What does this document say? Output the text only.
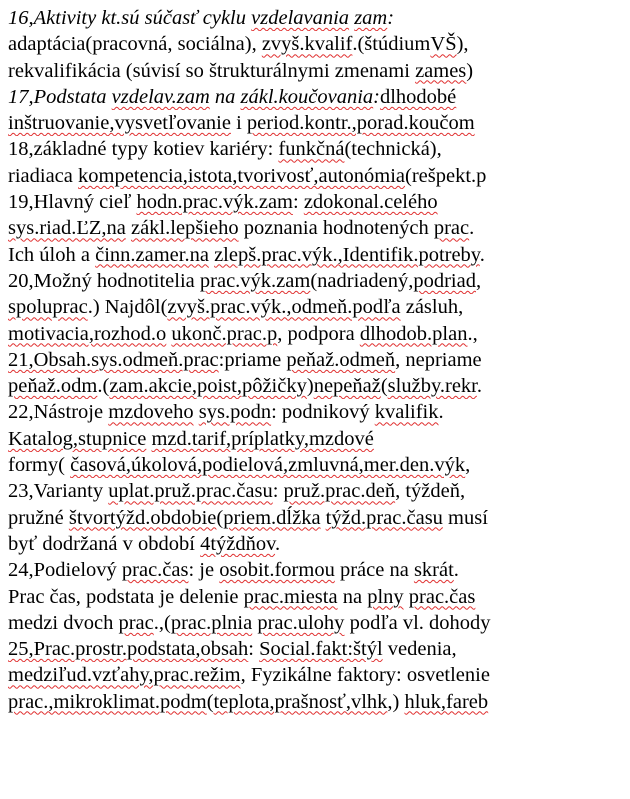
16,Aktivity kt.sú súčasť cyklu vzdelavania zam:
adaptácia(pracovná, sociálna), zvyš.kvalif.(štúdiumVŠ),
rekvalifikácia (súvisí so štrukturálnymi zmenami zames)
17,Podstata vzdelav.zam na zákl.koučovania:dlhodobé
inštruovanie,vysvetľovanie i period.kontr.,porad.koučom
18,základné typy kotiev kariéry: funkčná(technická),
riadiaca kompetencia,istota,tvorivosť,autonómia(rešpekt.p
19,Hlavný cieľ hodn.prac.výk.zam: zdokonal.celého
sys.riad.ĽZ,na zákl.lepšieho poznania hodnotených prac.
Ich úloh a činn.zamer.na zlepš.prac.výk.,Identifik.potreby.
20,Možný hodnotitelia prac.výk.zam(nadriadený,podriad,
spoluprac.) Najdôl(zvyš.prac.výk.,odmeň.podľa zásluh,
motivacia,rozhod.o ukonč.prac.p, podpora dlhodob.plan.,
21,Obsah.sys.odmeň.prac:priame peňaž.odmeň, nepriame
peňaž.odm.(zam.akcie,poist,pôžičky)nepeňaž(služby.rekr.
22,Nástroje mzdoveho sys.podn: podnikový kvalifik.
Katalog,stupnice mzd.tarif,príplatky,mzdové
formy( časová,úkolová,podielová,zmluvná,mer.den.výk,
23,Varianty uplat.pruž.prac.času: pruž.prac.deň, týždeň,
pružné štvortýžd.obdobie(priem.dĺžka týžd.prac.času musí
byť dodržaná v období 4týždňov.
24,Podielový prac.čas: je osobit.formou práce na skrát.
Prac čas, podstata je delenie prac.miesta na plny prac.čas
medzi dvoch prac.,(prac.plnia prac.ulohy podľa vl. dohody
25,Prac.prostr.podstata,obsah: Social.fakt:štýl vedenia,
medziľud.vzťahy,prac.režim, Fyzikálne faktory: osvetlenie
prac.,mikroklimat.podm(teplota,prašnosť,vlhk,) hluk,fareb
